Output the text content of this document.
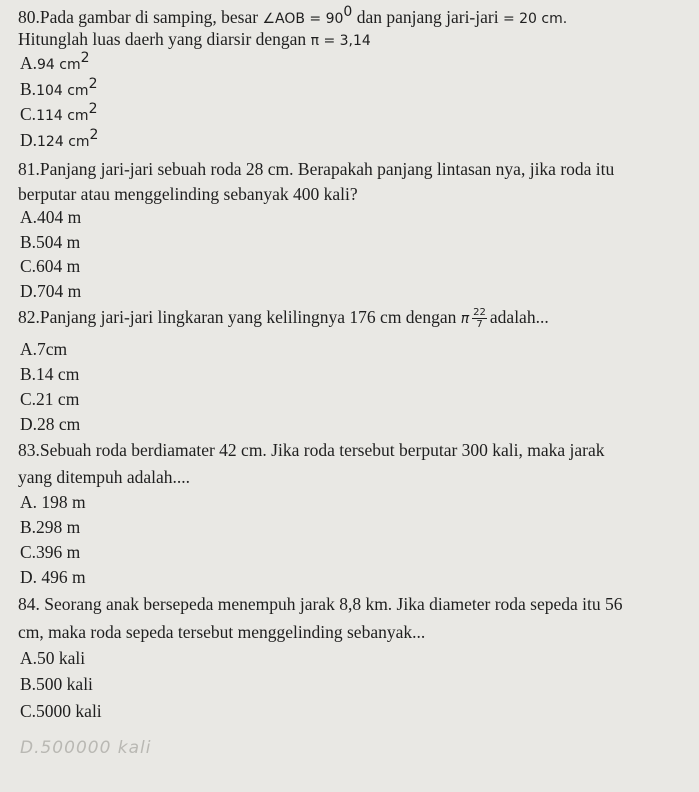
80.Pada gambar di samping, besar ∠AOB = $90^0$ dan panjang jari-jari = 20 cm.
Hitunglah luas daerh yang diarsir dengan π = 3,14
A.94 $cm^2$
B.104 $cm^2$
C.114 $cm^2$
D.124 $cm^2$
81.Panjang jari-jari sebuah roda 28 cm. Berapakah panjang lintasan nya, jika roda itu
berputar atau menggelinding sebanyak 400 kali?
A.404 m
B.504 m
C.604 m
D.704 m
82.Panjang jari-jari lingkaran yang kelilingnya 176 cm dengan π $\frac{22}{7}$ adalah...
A.7cm
B.14 cm
C.21 cm
D.28 cm
83.Sebuah roda berdiamater 42 cm. Jika roda tersebut berputar 300 kali, maka jarak
yang ditempuh adalah....
A. 198 m
B.298 m
C.396 m
D. 496 m
84. Seorang anak bersepeda menempuh jarak 8,8 km. Jika diameter roda sepeda itu 56
cm, maka roda sepeda tersebut menggelinding sebanyak...
A.50 kali
B.500 kali
C.5000 kali
D.500000 kali
